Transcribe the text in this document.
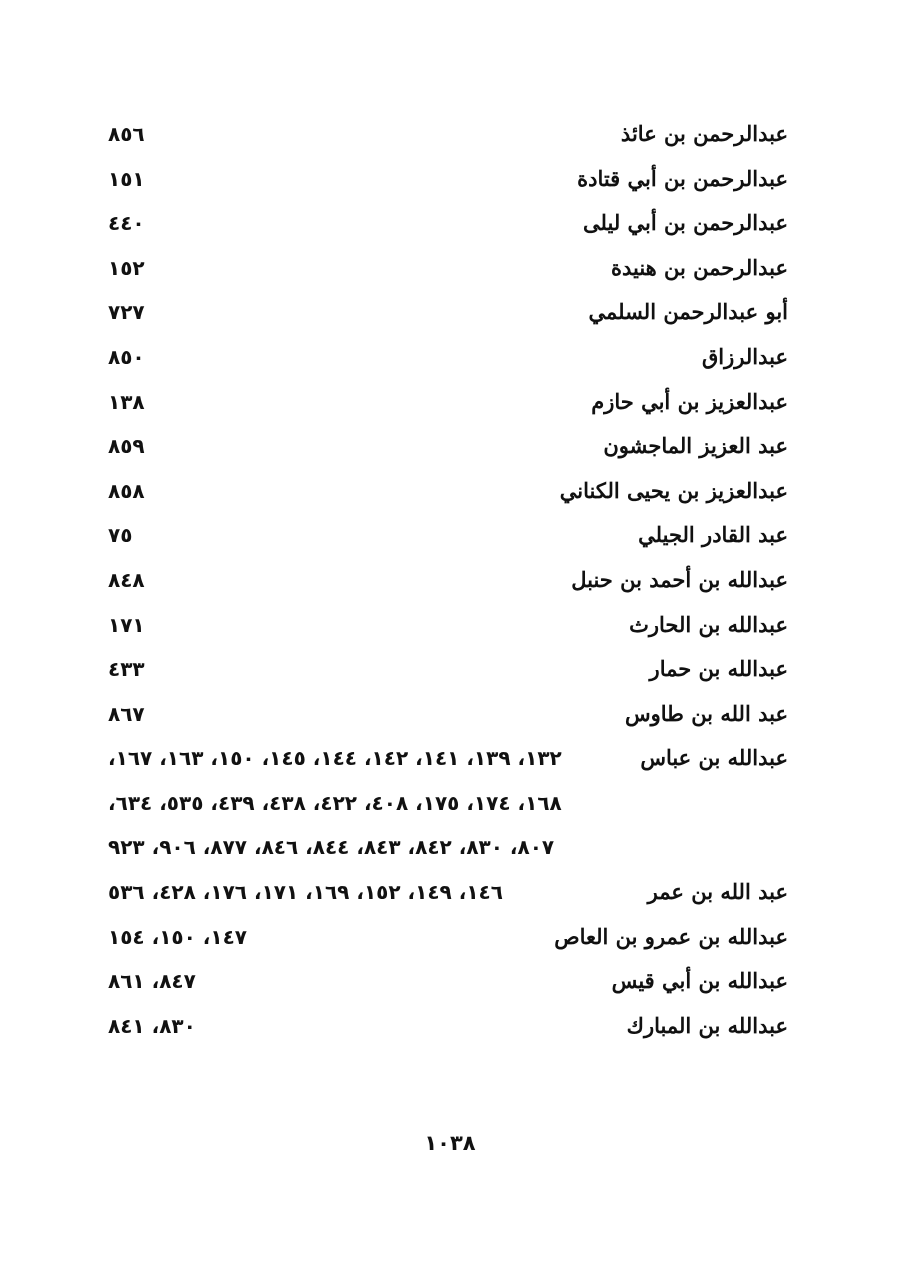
عبدالرحمن بن عائذ
٨٥٦
عبدالرحمن بن أبي قتادة
١٥١
عبدالرحمن بن أبي ليلى
٤٤٠
عبدالرحمن بن هنيدة
١٥٢
أبو عبدالرحمن السلمي
٧٢٧
عبدالرزاق
٨٥٠
عبدالعزيز بن أبي حازم
١٣٨
عبد العزيز الماجشون
٨٥٩
عبدالعزيز بن يحيى الكناني
٨٥٨
عبد القادر الجيلي
٧٥
عبدالله بن أحمد بن حنبل
٨٤٨
عبدالله بن الحارث
١٧١
عبدالله بن حمار
٤٣٣
عبد الله بن طاوس
٨٦٧
عبدالله بن عباس
١٣٢، ١٣٩، ١٤١، ١٤٢، ١٤٤، ١٤٥، ١٥٠، ١٦٣، ١٦٧،
١٦٨، ١٧٤، ١٧٥، ٤٠٨، ٤٢٢، ٤٣٨، ٤٣٩، ٥٣٥، ٦٣٤،
٨٠٧، ٨٣٠، ٨٤٢، ٨٤٣، ٨٤٤، ٨٤٦، ٨٧٧، ٩٠٦، ٩٢٣
عبد الله بن عمر
١٤٦، ١٤٩، ١٥٢، ١٦٩، ١٧١، ١٧٦، ٤٢٨، ٥٣٦
عبدالله بن عمرو بن العاص
١٤٧، ١٥٠، ١٥٤
عبدالله بن أبي قيس
٨٤٧، ٨٦١
عبدالله بن المبارك
٨٣٠، ٨٤١
١٠٣٨
